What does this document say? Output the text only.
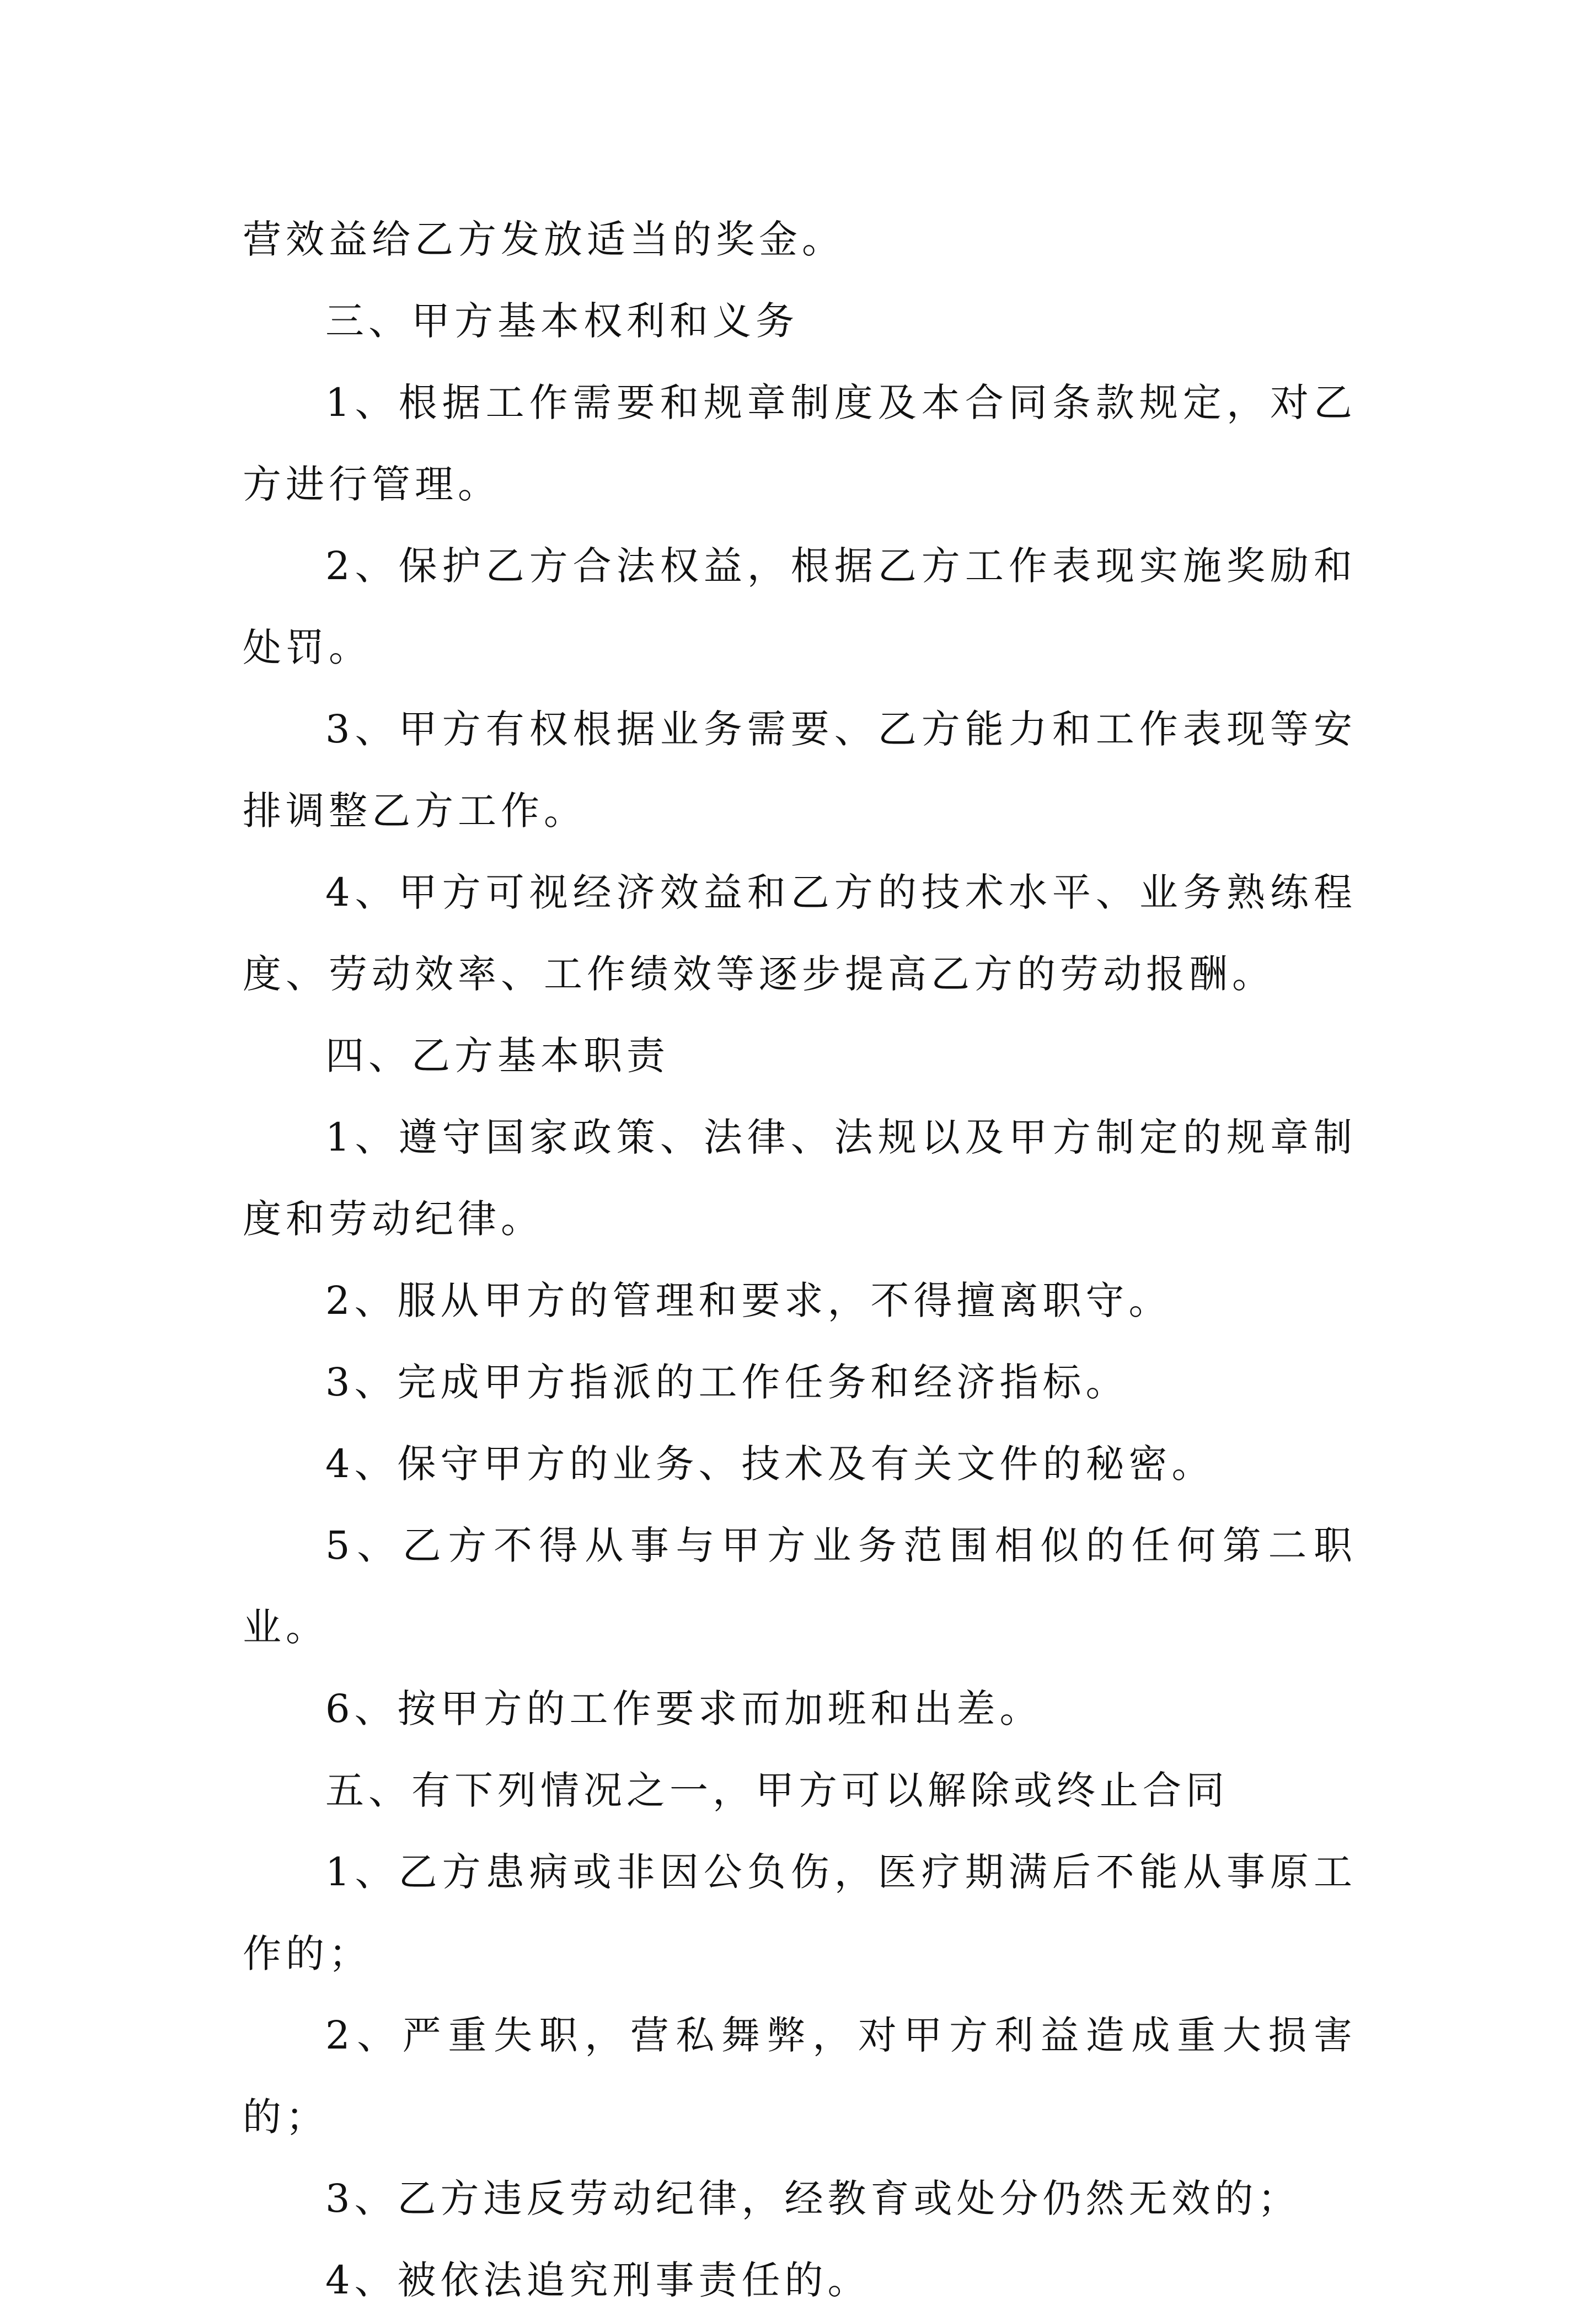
营效益给乙方发放适当的奖金。

三、甲方基本权利和义务

1、根据工作需要和规章制度及本合同条款规定，对乙方进行管理。

2、保护乙方合法权益，根据乙方工作表现实施奖励和处罚。

3、甲方有权根据业务需要、乙方能力和工作表现等安排调整乙方工作。

4、甲方可视经济效益和乙方的技术水平、业务熟练程度、劳动效率、工作绩效等逐步提高乙方的劳动报酬。

四、乙方基本职责

1、遵守国家政策、法律、法规以及甲方制定的规章制度和劳动纪律。

2、服从甲方的管理和要求，不得擅离职守。

3、完成甲方指派的工作任务和经济指标。

4、保守甲方的业务、技术及有关文件的秘密。

5、乙方不得从事与甲方业务范围相似的任何第二职业。

6、按甲方的工作要求而加班和出差。

五、有下列情况之一，甲方可以解除或终止合同

1、乙方患病或非因公负伤，医疗期满后不能从事原工作的；

2、严重失职，营私舞弊，对甲方利益造成重大损害的；

3、乙方违反劳动纪律，经教育或处分仍然无效的；

4、被依法追究刑事责任的。
